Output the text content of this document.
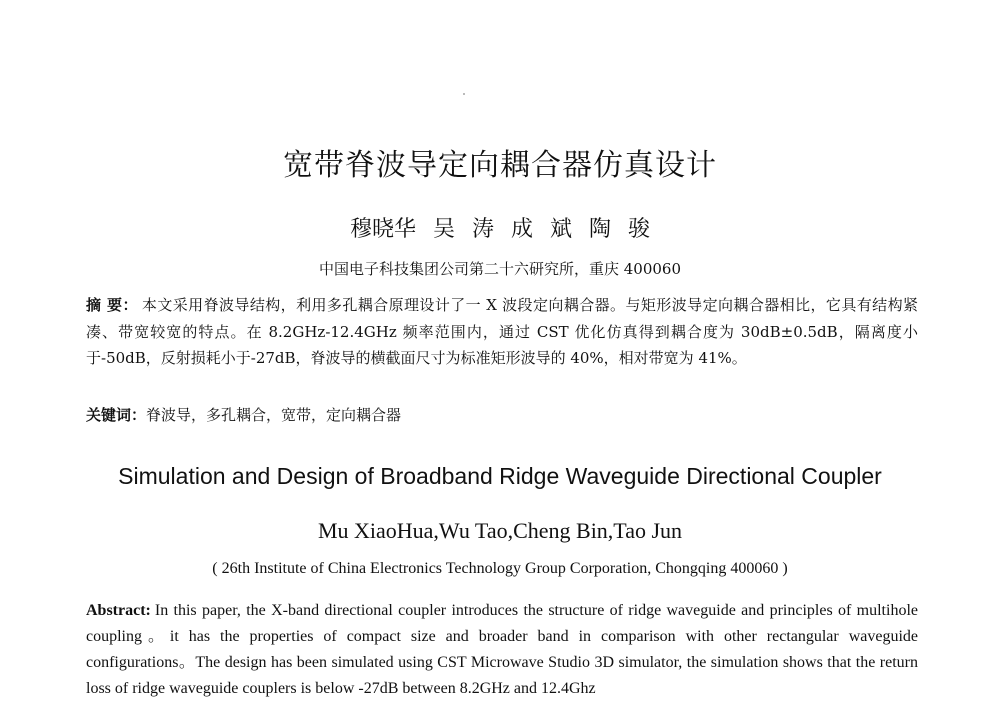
宽带脊波导定向耦合器仿真设计
穆晓华 吴 涛 成 斌 陶 骏
中国电子科技集团公司第二十六研究所，重庆 400060
摘 要： 本文采用脊波导结构，利用多孔耦合原理设计了一 X 波段定向耦合器。与矩形波导定向耦合器相比，它具有结构紧凑、带宽较宽的特点。在 8.2GHz-12.4GHz 频率范围内，通过 CST 优化仿真得到耦合度为 30dB±0.5dB，隔离度小于-50dB，反射损耗小于-27dB，脊波导的横截面尺寸为标准矩形波导的 40%，相对带宽为 41%。
关键词：脊波导，多孔耦合，宽带，定向耦合器
Simulation and Design of Broadband Ridge Waveguide Directional Coupler
Mu XiaoHua,Wu Tao,Cheng Bin,Tao Jun
( 26th Institute of China Electronics Technology Group Corporation, Chongqing 400060 )
Abstract: In this paper, the X-band directional coupler introduces the structure of ridge waveguide and principles of multihole coupling。it has the properties of compact size and broader band in comparison with other rectangular waveguide configurations。The design has been simulated using CST Microwave Studio 3D simulator, the simulation shows that the return loss of ridge waveguide couplers is below -27dB between 8.2GHz and 12.4Ghz
